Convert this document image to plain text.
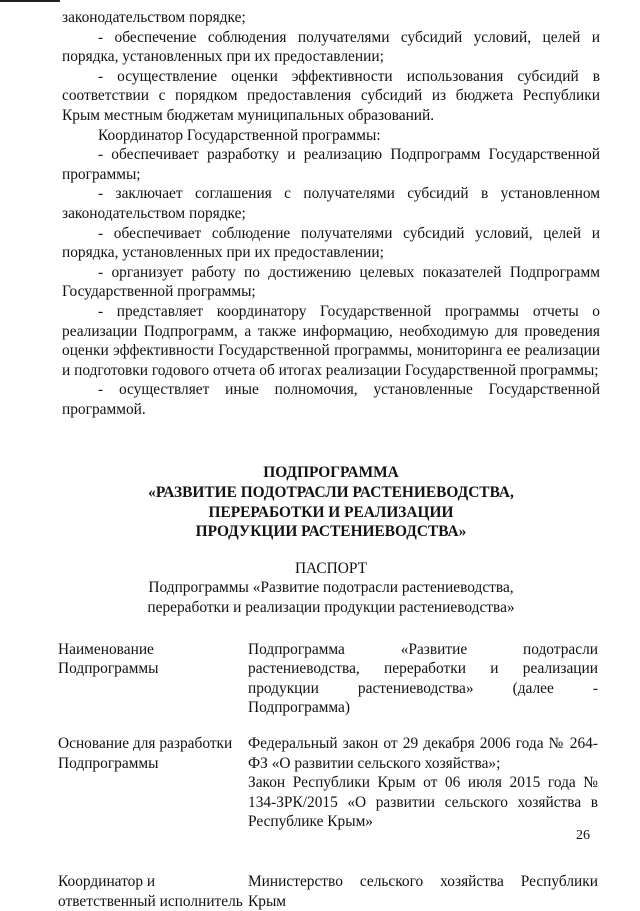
законодательством порядке;

- обеспечение соблюдения получателями субсидий условий, целей и порядка, установленных при их предоставлении;

- осуществление оценки эффективности использования субсидий в соответствии с порядком предоставления субсидий из бюджета Республики Крым местным бюджетам муниципальных образований.

Координатор Государственной программы:

- обеспечивает разработку и реализацию Подпрограмм Государственной программы;

- заключает соглашения с получателями субсидий в установленном законодательством порядке;

- обеспечивает соблюдение получателями субсидий условий, целей и порядка, установленных при их предоставлении;

- организует работу по достижению целевых показателей Подпрограмм Государственной программы;

- представляет координатору Государственной программы отчеты о реализации Подпрограмм, а также информацию, необходимую для проведения оценки эффективности Государственной программы, мониторинга ее реализации и подготовки годового отчета об итогах реализации Государственной программы;

- осуществляет иные полномочия, установленные Государственной программой.

ПОДПРОГРАММА
«РАЗВИТИЕ ПОДОТРАСЛИ РАСТЕНИЕВОДСТВА,
ПЕРЕРАБОТКИ И РЕАЛИЗАЦИИ
ПРОДУКЦИИ РАСТЕНИЕВОДСТВА»
ПАСПОРТ
Подпрограммы «Развитие подотрасли растениеводства,
переработки и реализации продукции растениеводства»
Наименование Подпрограммы	Подпрограмма «Развитие подотрасли растениеводства, переработки и реализации продукции растениеводства» (далее - Подпрограмма)
Основание для разработки Подпрограммы	Федеральный закон от 29 декабря 2006 года № 264-ФЗ «О развитии сельского хозяйства»;
Закон Республики Крым от 06 июля 2015 года № 134-ЗРК/2015 «О развитии сельского хозяйства в Республике Крым»

Координатор и ответственный исполнитель	Министерство сельского хозяйства Республики Крым
26
